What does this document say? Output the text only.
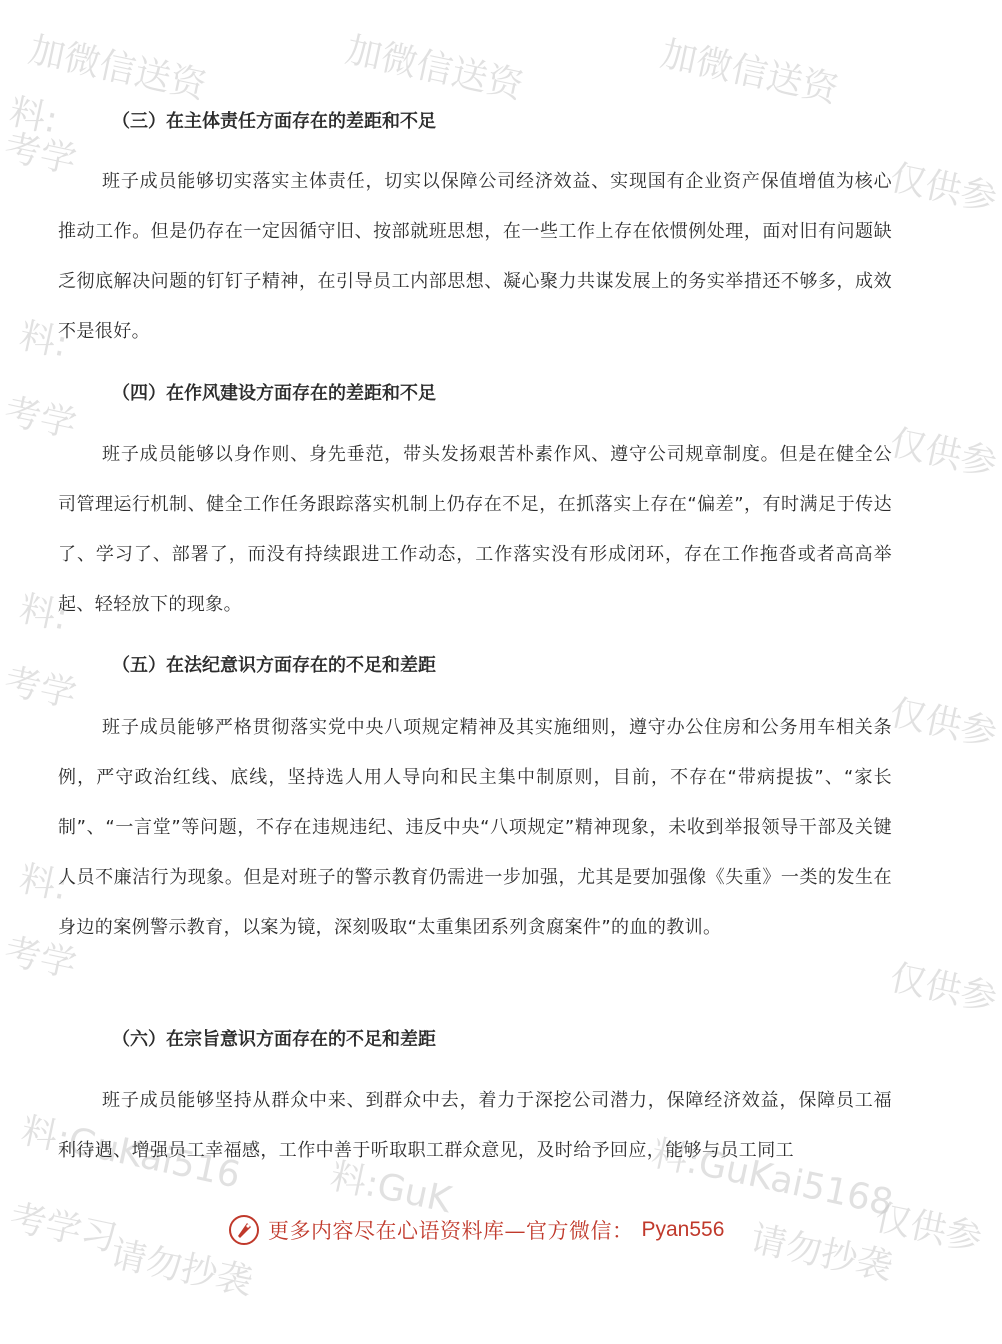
加微信送资	加微信送资	加微信送资
料:
考学
仅供参
料:
考学
仅供参
料:
考学
仅供参
料:
考学	仅供参
料:GuKai516 料:GuK	料:GuKai5168
考学习
请勿抄袭	请勿抄袭
仅供参
（三）在主体责任方面存在的差距和不足

班子成员能够切实落实主体责任，切实以保障公司经济效益、实现国有企业资产保值增值为核心推动工作。但是仍存在一定因循守旧、按部就班思想，在一些工作上存在依惯例处理，面对旧有问题缺乏彻底解决问题的钉钉子精神，在引导员工内部思想、凝心聚力共谋发展上的务实举措还不够多，成效不是很好。

（四）在作风建设方面存在的差距和不足

班子成员能够以身作则、身先垂范，带头发扬艰苦朴素作风、遵守公司规章制度。但是在健全公司管理运行机制、健全工作任务跟踪落实机制上仍存在不足，在抓落实上存在“偏差”，有时满足于传达了、学习了、部署了，而没有持续跟进工作动态，工作落实没有形成闭环，存在工作拖沓或者高高举起、轻轻放下的现象。

（五）在法纪意识方面存在的不足和差距

班子成员能够严格贯彻落实党中央八项规定精神及其实施细则，遵守办公住房和公务用车相关条例，严守政治红线、底线，坚持选人用人导向和民主集中制原则，目前，不存在“带病提拔”、“家长制”、“一言堂”等问题，不存在违规违纪、违反中央“八项规定”精神现象，未收到举报领导干部及关键人员不廉洁行为现象。但是对班子的警示教育仍需进一步加强，尤其是要加强像《失重》一类的发生在身边的案例警示教育，以案为镜，深刻吸取“太重集团系列贪腐案件”的血的教训。

（六）在宗旨意识方面存在的不足和差距

班子成员能够坚持从群众中来、到群众中去，着力于深挖公司潜力，保障经济效益，保障员工福利待遇、增强员工幸福感，工作中善于听取职工群众意见，及时给予回应，能够与员工同工

更多内容尽在心语资料库—官方微信： Pyan556
